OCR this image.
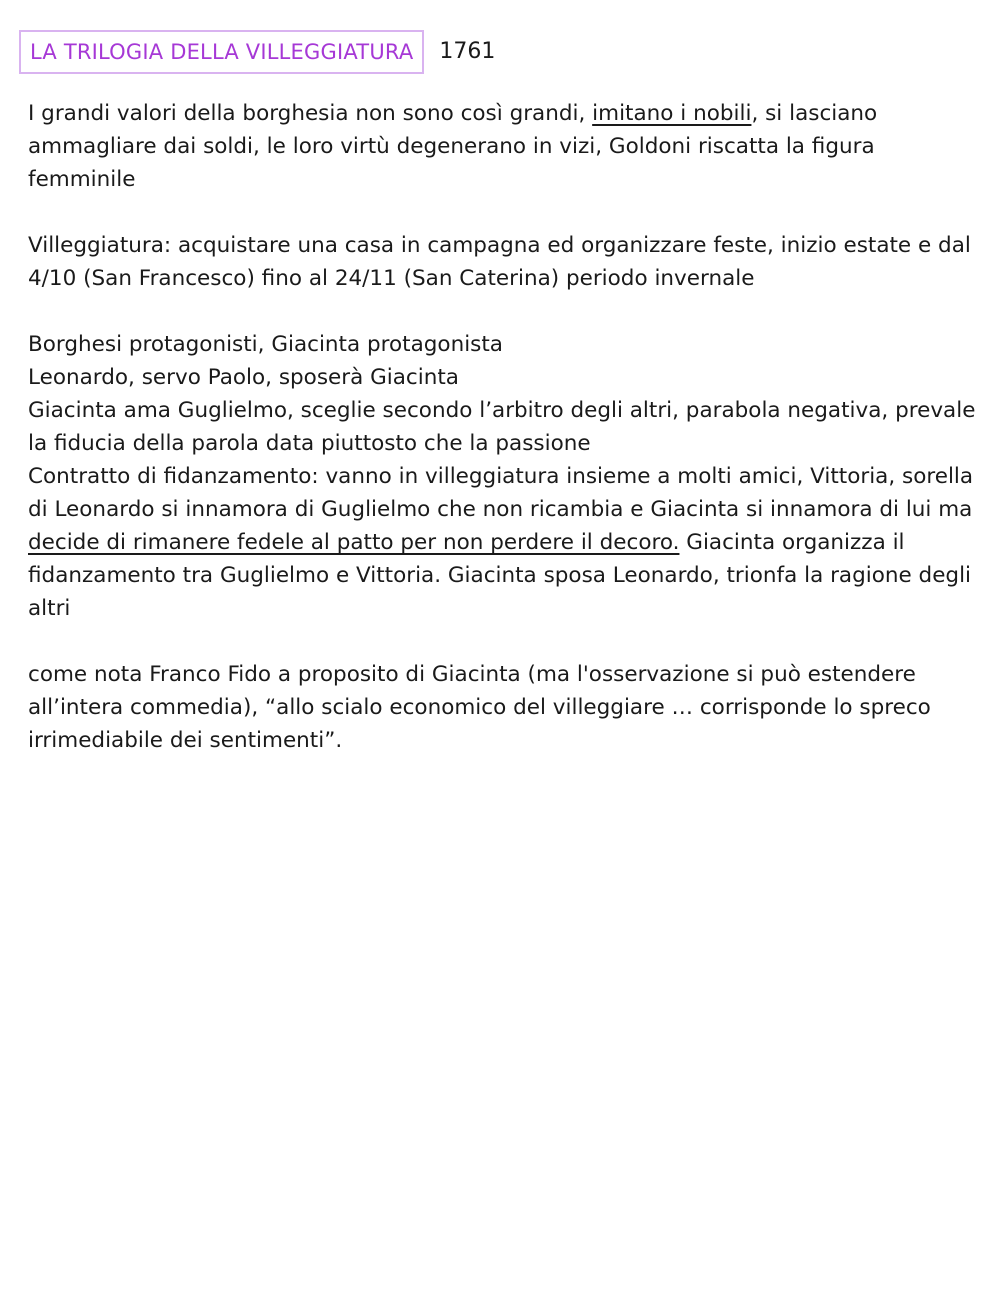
LA TRILOGIA DELLA VILLEGGIATURA	1761

I grandi valori della borghesia non sono così grandi, imitano i nobili, si lasciano ammagliare dai soldi, le loro virtù degenerano in vizi, Goldoni riscatta la figura femminile

Villeggiatura: acquistare una casa in campagna ed organizzare feste, inizio estate e dal 4/10 (San Francesco) fino al 24/11 (San Caterina) periodo invernale

Borghesi protagonisti, Giacinta protagonista

Leonardo, servo Paolo, sposerà Giacinta

Giacinta ama Guglielmo, sceglie secondo l’arbitro degli altri, parabola negativa, prevale la fiducia della parola data piuttosto che la passione

Contratto di fidanzamento: vanno in villeggiatura insieme a molti amici, Vittoria, sorella di Leonardo si innamora di Guglielmo che non ricambia e Giacinta si innamora di lui ma decide di rimanere fedele al patto per non perdere il decoro. Giacinta organizza il fidanzamento tra Guglielmo e Vittoria. Giacinta sposa Leonardo, trionfa la ragione degli altri

come nota Franco Fido a proposito di Giacinta (ma l'osservazione si può estendere all’intera commedia), “allo scialo economico del villeggiare … corrisponde lo spreco irrimediabile dei sentimenti”.
